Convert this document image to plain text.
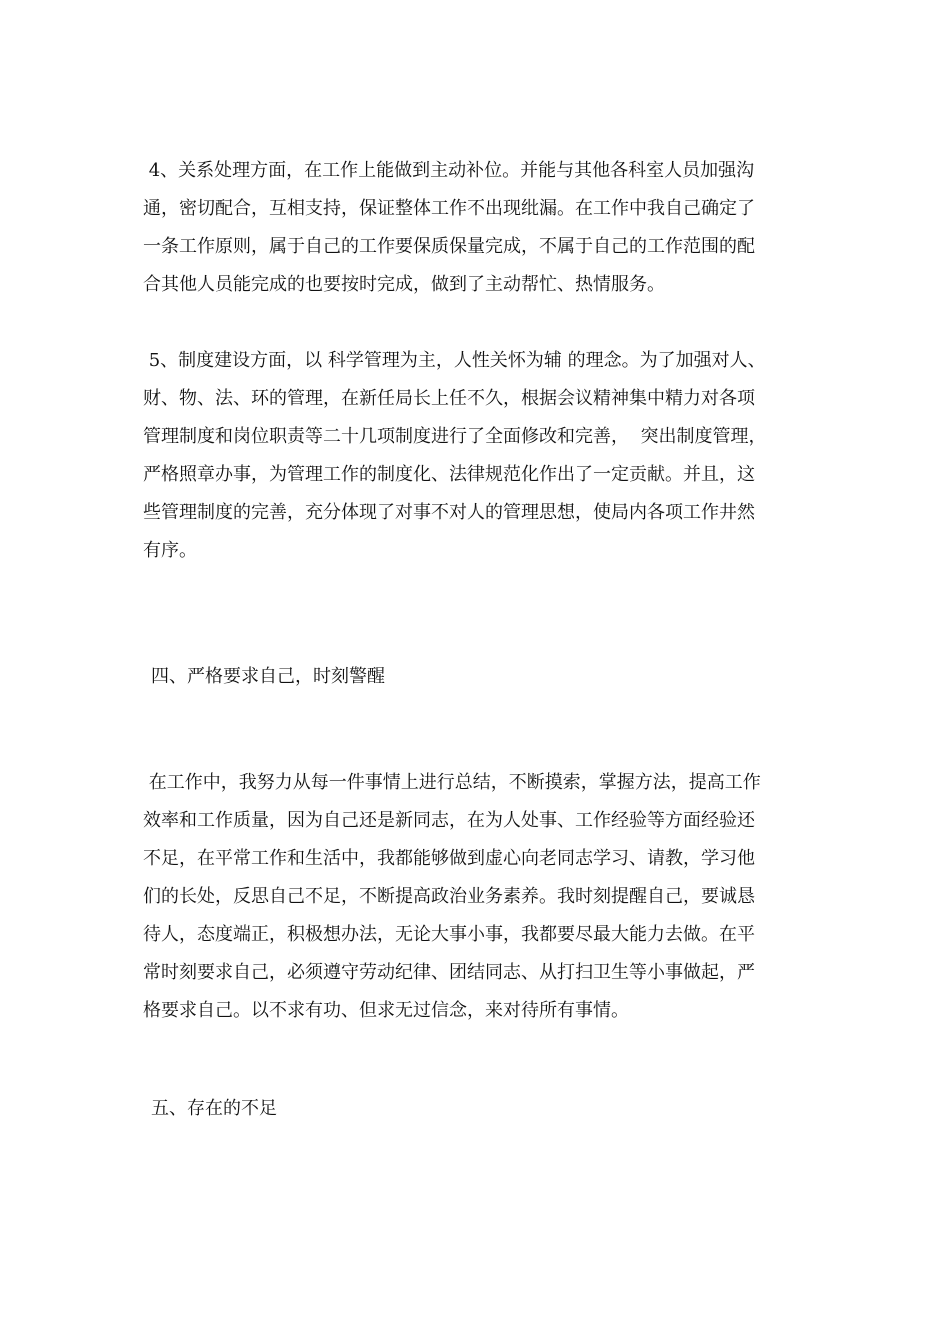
4、关系处理方面，在工作上能做到主动补位。并能与其他各科室人员加强沟
通，密切配合，互相支持，保证整体工作不出现纰漏。在工作中我自己确定了
一条工作原则，属于自己的工作要保质保量完成，不属于自己的工作范围的配
合其他人员能完成的也要按时完成，做到了主动帮忙、热情服务。
5、制度建设方面，以 科学管理为主，人性关怀为辅 的理念。为了加强对人、
财、物、法、环的管理，在新任局长上任不久，根据会议精神集中精力对各项
管理制度和岗位职责等二十几项制度进行了全面修改和完善，  突出制度管理，
严格照章办事，为管理工作的制度化、法律规范化作出了一定贡献。并且，这
些管理制度的完善，充分体现了对事不对人的管理思想，使局内各项工作井然
有序。
四、严格要求自己，时刻警醒
在工作中，我努力从每一件事情上进行总结，不断摸索，掌握方法，提高工作
效率和工作质量，因为自己还是新同志，在为人处事、工作经验等方面经验还
不足，在平常工作和生活中，我都能够做到虚心向老同志学习、请教，学习他
们的长处，反思自己不足，不断提高政治业务素养。我时刻提醒自己，要诚恳
待人，态度端正，积极想办法，无论大事小事，我都要尽最大能力去做。在平
常时刻要求自己，必须遵守劳动纪律、团结同志、从打扫卫生等小事做起，严
格要求自己。以不求有功、但求无过信念，来对待所有事情。
五、存在的不足
